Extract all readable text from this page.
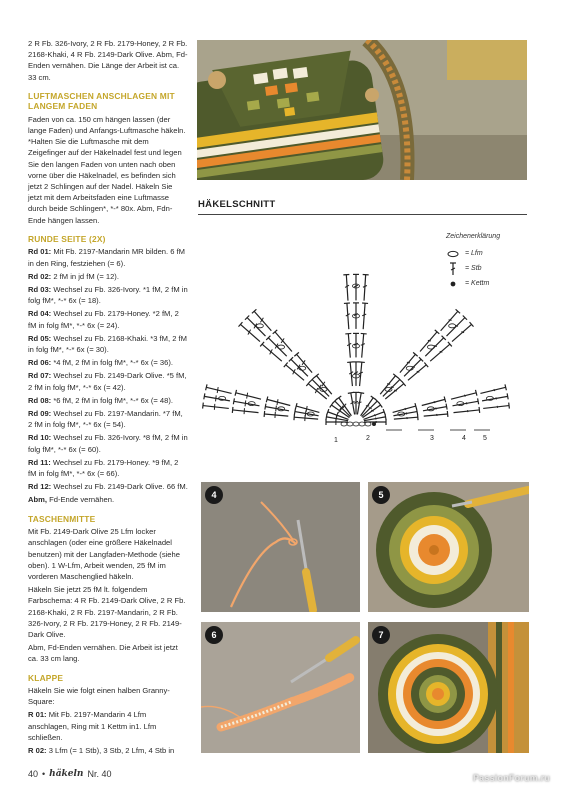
2 R Fb. 326-Ivory, 2 R Fb. 2179-Honey, 2 R Fb. 2168-Khaki, 4 R Fb. 2149-Dark Olive. Abm, Fd-Enden vernähen. Die Länge der Arbeit ist ca. 33 cm.

LUFTMASCHEN ANSCHLAGEN MIT LANGEM FADEN

Faden von ca. 150 cm hängen lassen (der lange Faden) und Anfangs-Luftmasche häkeln. *Halten Sie die Luftmasche mit dem Zeigefinger auf der Häkelnadel fest und legen Sie den langen Faden von unten nach oben vorne über die Häkelnadel, es befinden sich jetzt 2 Schlingen auf der Nadel. Häkeln Sie jetzt mit dem Arbeitsfaden eine Luftmasse durch beide Schlingen*, *-* 80x. Abm, Fdn-Ende hängen lassen.

RUNDE SEITE (2X)

Rd 01: Mit Fb. 2197-Mandarin MR bilden. 6 fM in den Ring, festziehen (= 6).

Rd 02: 2 fM in jd fM (= 12).

Rd 03: Wechsel zu Fb. 326-Ivory. *1 fM, 2 fM in folg fM*, *-* 6x (= 18).

Rd 04: Wechsel zu Fb. 2179-Honey. *2 fM, 2 fM in folg fM*, *-* 6x (= 24).

Rd 05: Wechsel zu Fb. 2168-Khaki. *3 fM, 2 fM in folg fM*, *-* 6x (= 30).

Rd 06: *4 fM, 2 fM in folg fM*, *-* 6x (= 36).

Rd 07: Wechsel zu Fb. 2149-Dark Olive. *5 fM, 2 fM in folg fM*, *-* 6x (= 42).

Rd 08: *6 fM, 2 fM in folg fM*, *-* 6x (= 48).

Rd 09: Wechsel zu Fb. 2197-Mandarin. *7 fM, 2 fM in folg fM*, *-* 6x (= 54).

Rd 10: Wechsel zu Fb. 326-Ivory. *8 fM, 2 fM in folg fM*, *-* 6x (= 60).

Rd 11: Wechsel zu Fb. 2179-Honey. *9 fM, 2 fM in folg fM*, *-* 6x (= 66).

Rd 12: Wechsel zu Fb. 2149-Dark Olive. 66 fM.

Abm, Fd-Ende vernähen.

TASCHENMITTE

Mit Fb. 2149-Dark Olive 25 Lfm locker anschlagen (oder eine größere Häkelnadel benutzen) mit der Langfaden-Methode (siehe oben). 1 W-Lfm, Arbeit wenden, 25 fM im vorderen Maschenglied häkeln.

Häkeln Sie jetzt 25 fM lt. folgendem Farbschema: 4 R Fb. 2149-Dark Olive, 2 R Fb. 2168-Khaki, 2 R Fb. 2197-Mandarin, 2 R Fb. 326-Ivory, 2 R Fb. 2179-Honey, 2 R Fb. 2149-Dark Olive.

Abm, Fd-Enden vernähen. Die Arbeit ist jetzt ca. 33 cm lang.

KLAPPE

Häkeln Sie wie folgt einen halben Granny-Square:

R 01: Mit Fb. 2197-Mandarin 4 Lfm anschlagen, Ring mit 1 Kettm in1. Lfm schließen.

R 02: 3 Lfm (= 1 Stb), 3 Stb, 2 Lfm, 4 Stb in

HÄKELSCHNITT
Zeichenerklärung
= Lfm
= Stb
= Kettm
1	2	3	4 5
4	5
6	7
40 • häkeln Nr. 40	PassionForum.ru
